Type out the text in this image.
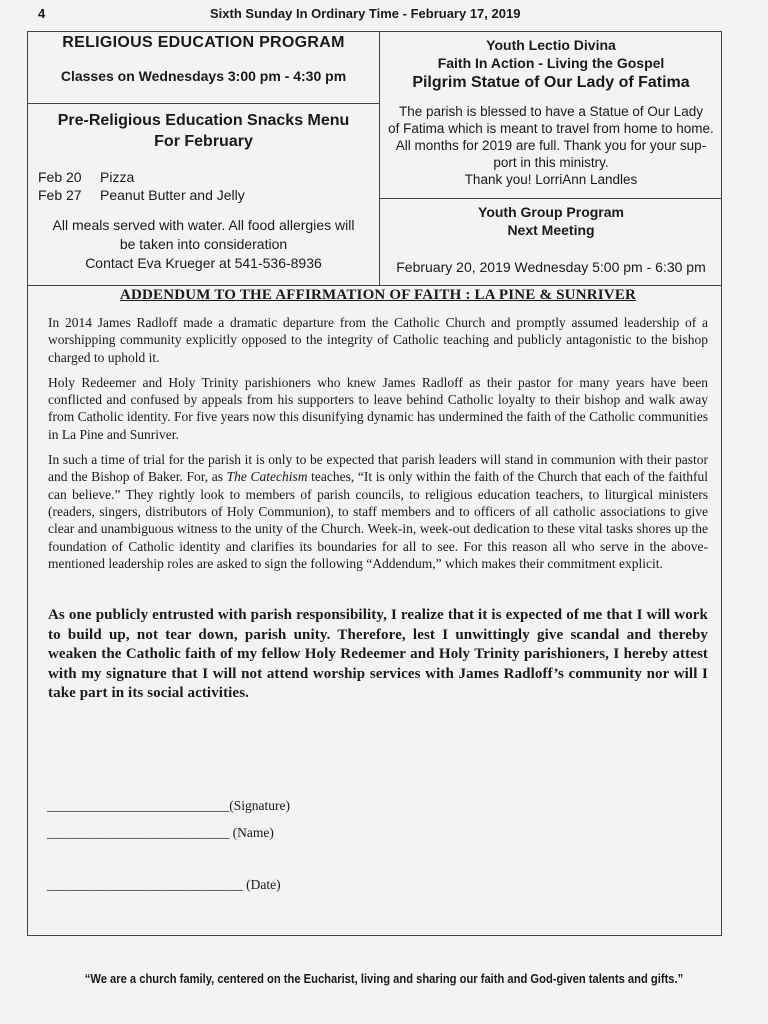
4	Sixth Sunday In Ordinary Time - February 17, 2019
RELIGIOUS EDUCATION PROGRAM
Classes on Wednesdays 3:00 pm - 4:30 pm
Pre-Religious Education Snacks Menu
For February
Feb 20 Pizza
Feb 27 Peanut Butter and Jelly
All meals served with water. All food allergies will
be taken into consideration
Contact Eva Krueger at 541-536-8936
Youth Lectio Divina
Faith In Action - Living the Gospel
Pilgrim Statue of Our Lady of Fatima
The parish is blessed to have a Statue of Our Lady
of Fatima which is meant to travel from home to home.
All months for 2019 are full. Thank you for your sup-
port in this ministry.
Thank you! LorriAnn Landles
Youth Group Program
Next Meeting
February 20, 2019 Wednesday 5:00 pm - 6:30 pm
ADDENDUM TO THE AFFIRMATION OF FAITH : LA PINE & SUNRIVER

In 2014 James Radloff made a dramatic departure from the Catholic Church and promptly assumed leadership of a worshipping community explicitly opposed to the integrity of Catholic teaching and publicly antagonistic to the bishop charged to uphold it.

Holy Redeemer and Holy Trinity parishioners who knew James Radloff as their pastor for many years have been conflicted and confused by appeals from his supporters to leave behind Catholic loyalty to their bishop and walk away from Catholic identity. For five years now this disunifying dynamic has undermined the faith of the Catholic communities in La Pine and Sunriver.

In such a time of trial for the parish it is only to be expected that parish leaders will stand in communion with their pastor and the Bishop of Baker. For, as The Catechism teaches, “It is only within the faith of the Church that each of the faithful can believe.” They rightly look to members of parish councils, to religious education teachers, to liturgical ministers (readers, singers, distributors of Holy Communion), to staff members and to officers of all catholic associations to give clear and unambiguous witness to the unity of the Church. Week-in, week-out dedication to these vital tasks shores up the foundation of Catholic identity and clarifies its boundaries for all to see. For this reason all who serve in the above-mentioned leadership roles are asked to sign the following “Addendum,” which makes their commitment explicit.

As one publicly entrusted with parish responsibility, I realize that it is expected of me that I will work to build up, not tear down, parish unity. Therefore, lest I unwittingly give scandal and thereby weaken the Catholic faith of my fellow Holy Redeemer and Holy Trinity parishioners, I hereby attest with my signature that I will not attend worship services with James Radloff’s community nor will I take part in its social activities.

___________________________(Signature)
___________________________ (Name)
_____________________________ (Date)
“We are a church family, centered on the Eucharist, living and sharing our faith and God-given talents and gifts.”
